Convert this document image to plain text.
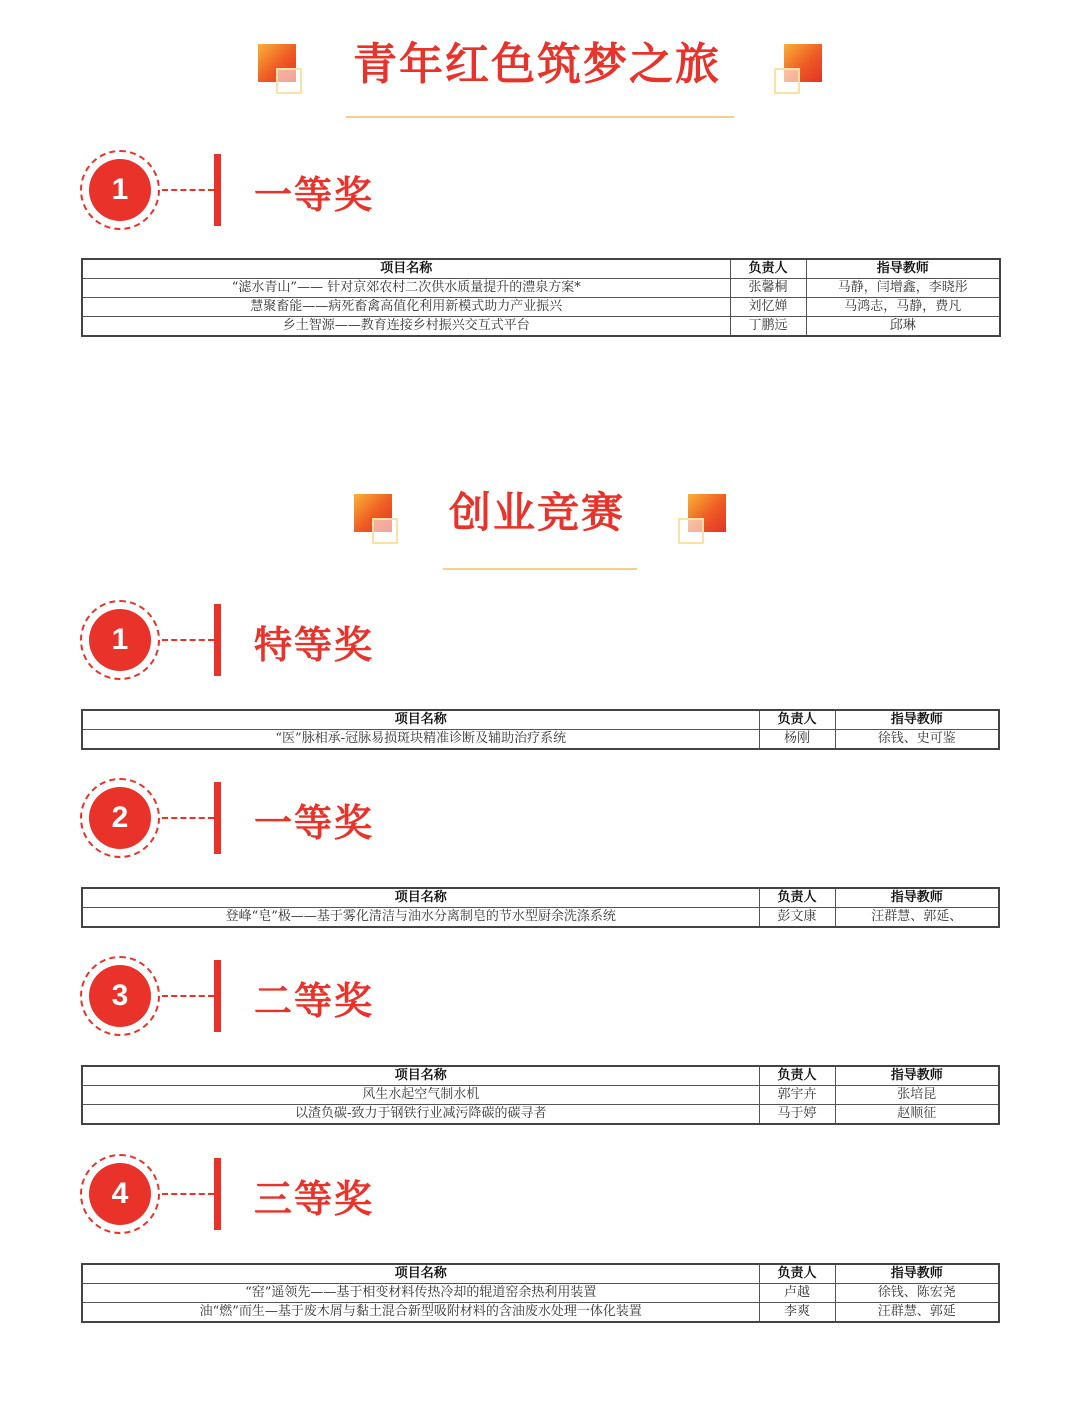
青年红色筑梦之旅
1	一等奖
项目名称	负责人	指导教师
“滤水青山”—— 针对京郊农村二次供水质量提升的澧泉方案*	张馨桐	马静，闫增鑫，李晓彤
慧聚畜能——病死畜禽高值化利用新模式助力产业振兴	刘忆婵	马鸿志，马静，费凡
乡土智源——教育连接乡村振兴交互式平台	丁鹏远	邱琳
创业竞赛
1	特等奖
项目名称	负责人	指导教师
“医”脉相承-冠脉易损斑块精准诊断及辅助治疗系统	杨刚	徐钱、史可鉴
2	一等奖
项目名称	负责人	指导教师
登峰“皂”极——基于雾化清洁与油水分离制皂的节水型厨余洗涤系统	彭文康	汪群慧、郭延、
3	二等奖
项目名称	负责人	指导教师
风生水起空气制水机	郭宇卉	张培昆
以渣负碳-致力于钢铁行业减污降碳的碳寻者	马于婷	赵顺征
4	三等奖
项目名称	负责人	指导教师
“窑”遥领先——基于相变材料传热冷却的辊道窑余热利用装置	卢越	徐钱、陈宏尧
油“燃”而生—基于废木屑与黏土混合新型吸附材料的含油废水处理一体化装置	李爽	汪群慧、郭延
